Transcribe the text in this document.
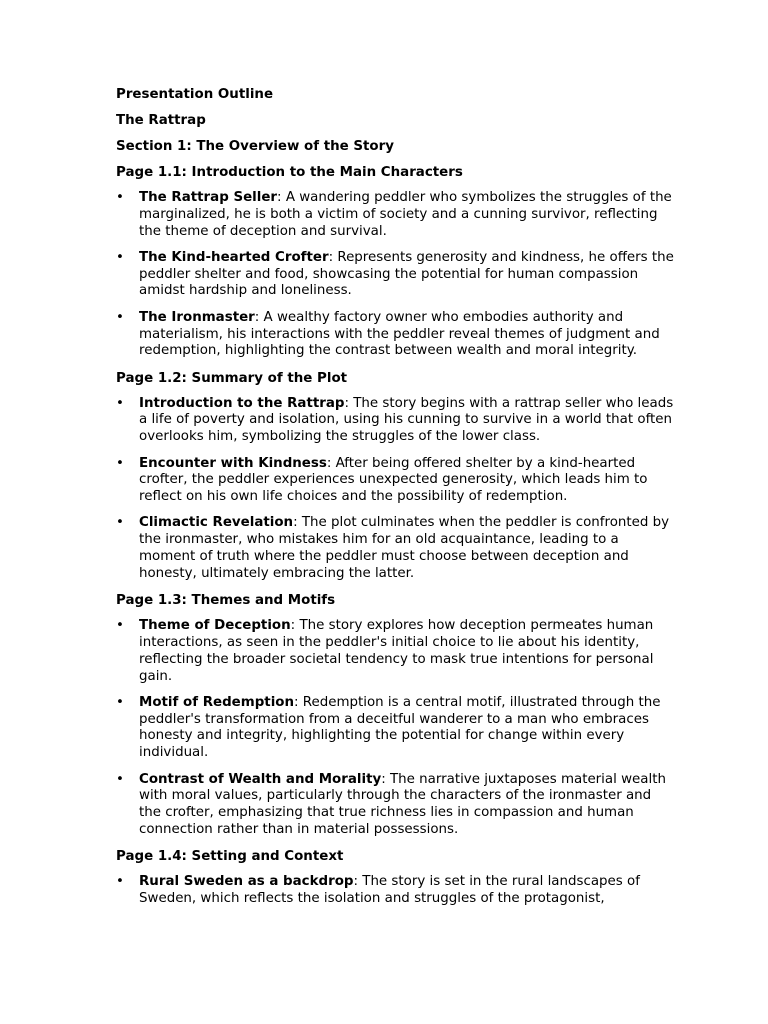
Presentation Outline

The Rattrap

Section 1: The Overview of the Story

Page 1.1: Introduction to the Main Characters

• The Rattrap Seller: A wandering peddler who symbolizes the struggles of the marginalized, he is both a victim of society and a cunning survivor, reflecting the theme of deception and survival.
• The Kind-hearted Crofter: Represents generosity and kindness, he offers the peddler shelter and food, showcasing the potential for human compassion amidst hardship and loneliness.
• The Ironmaster: A wealthy factory owner who embodies authority and materialism, his interactions with the peddler reveal themes of judgment and redemption, highlighting the contrast between wealth and moral integrity.

Page 1.2: Summary of the Plot

• Introduction to the Rattrap: The story begins with a rattrap seller who leads a life of poverty and isolation, using his cunning to survive in a world that often overlooks him, symbolizing the struggles of the lower class.
• Encounter with Kindness: After being offered shelter by a kind-hearted crofter, the peddler experiences unexpected generosity, which leads him to reflect on his own life choices and the possibility of redemption.
• Climactic Revelation: The plot culminates when the peddler is confronted by the ironmaster, who mistakes him for an old acquaintance, leading to a moment of truth where the peddler must choose between deception and honesty, ultimately embracing the latter.

Page 1.3: Themes and Motifs

• Theme of Deception: The story explores how deception permeates human interactions, as seen in the peddler's initial choice to lie about his identity, reflecting the broader societal tendency to mask true intentions for personal gain.
• Motif of Redemption: Redemption is a central motif, illustrated through the peddler's transformation from a deceitful wanderer to a man who embraces honesty and integrity, highlighting the potential for change within every individual.
• Contrast of Wealth and Morality: The narrative juxtaposes material wealth with moral values, particularly through the characters of the ironmaster and the crofter, emphasizing that true richness lies in compassion and human connection rather than in material possessions.

Page 1.4: Setting and Context

• Rural Sweden as a backdrop: The story is set in the rural landscapes of Sweden, which reflects the isolation and struggles of the protagonist,
